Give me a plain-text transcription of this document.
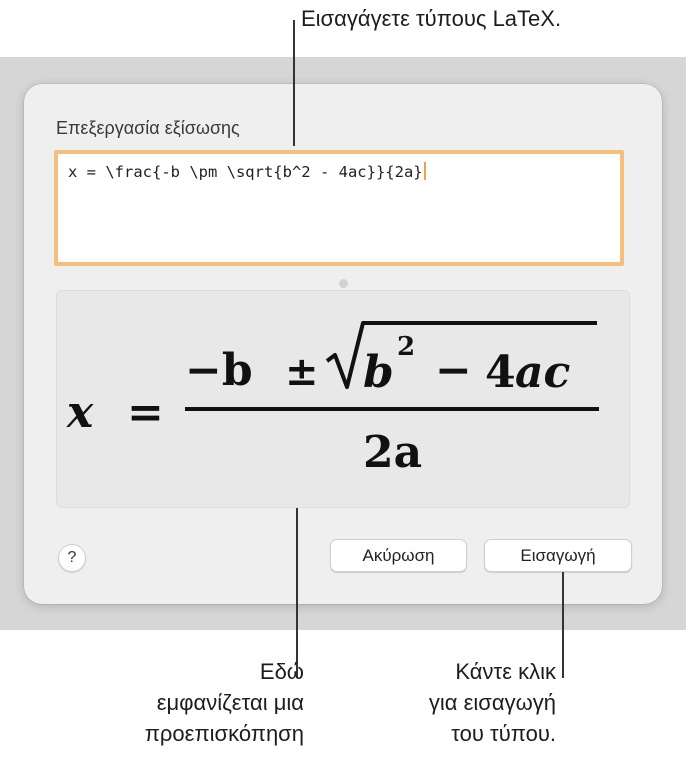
Επεξεργασία εξίσωσης
x = \frac{-b \pm \sqrt{b^2 - 4ac}}{2a}
x =
−b ± b 2 − 4 ac
2a
?	Ακύρωση	Εισαγωγή
Εισαγάγετε τύπους LaTeX.
Εδώ
εμφανίζεται μια
προεπισκόπηση
Κάντε κλικ
για εισαγωγή
του τύπου.
